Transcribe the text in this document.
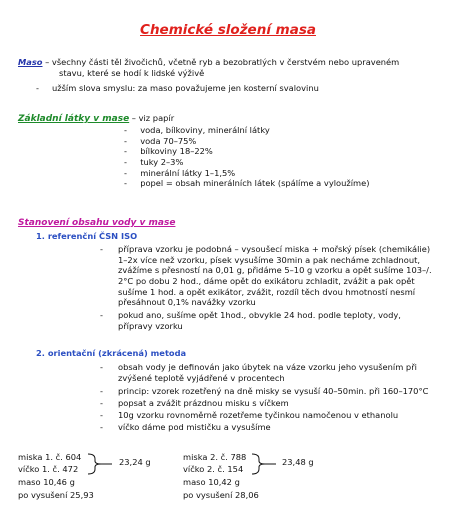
Chemické složení masa
Maso – všechny části těl živočichů, včetně ryb a bezobratlých v čerstvém nebo upraveném
stavu, které se hodí k lidské výživě
- užším slova smyslu: za maso považujeme jen kosterní svalovinu
Základní látky v mase – viz papír
-     voda, bílkoviny, minerální látky
-     voda 70–75%
-     bílkoviny 18–22%
-     tuky 2–3%
-     minerální látky 1–1,5%
-     popel = obsah minerálních látek (spálíme a vyloužíme)
Stanovení obsahu vody v mase
1. referenční ČSN ISO
- příprava vzorku je podobná – vysoušecí miska + mořský písek (chemikálie)
1–2x více než vzorku, písek vysušíme 30min a pak necháme zchladnout,
zvážíme s přesností na 0,01 g, přidáme 5–10 g vzorku a opět sušíme 103–/.
2°C po dobu 2 hod., dáme opět do exikátoru zchladit, zvážit a pak opět
sušíme 1 hod. a opět exikátor, zvážit, rozdíl těch dvou hmotností nesmí
přesáhnout 0,1% navážky vzorku
- pokud ano, sušíme opět 1hod., obvykle 24 hod. podle teploty, vody,
přípravy vzorku
2. orientační (zkrácená) metoda
- obsah vody je definován jako úbytek na váze vzorku jeho vysušením při
zvýšené teplotě vyjádřené v procentech
- princip: vzorek rozetřený na dně misky se vysuší 40–50min. při 160–170°C
- popsat a zvážit prázdnou misku s víčkem
- 10g vzorku rovnoměrně rozetřeme tyčinkou namočenou v ethanolu
- víčko dáme pod mističku a vysušíme
miska 1. č. 604
víčko 1. č. 472
23,24 g
maso 10,46 g
po vysušení 25,93
miska 2. č. 788
víčko 2. č. 154
23,48 g
maso 10,42 g
po vysušení 28,06
